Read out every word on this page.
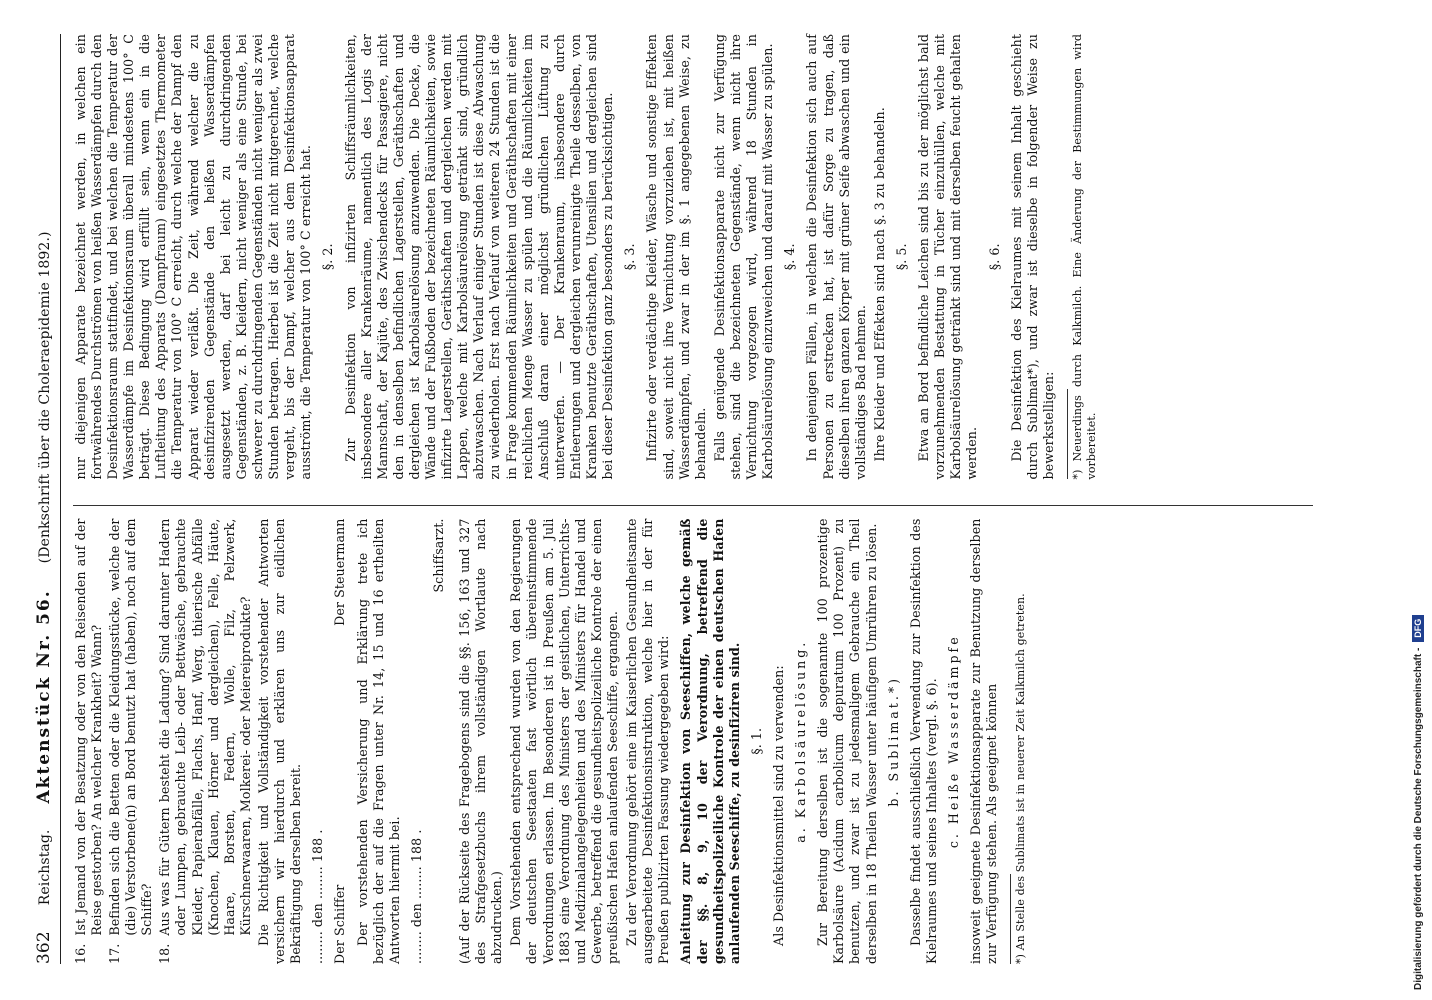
362
Reichstag.
Aktenstück Nr. 56.
(Denkschrift über die Choleraepidemie 1892.)
16.
Ist Jemand von der Besatzung oder von den Reisenden auf der Reise gestorben? An welcher Krankheit? Wann?
17.
Befinden sich die Betten oder die Kleidungsstücke, welche der (die) Verstorbene(n) an Bord benutzt hat (haben), noch auf dem Schiffe?
18.
Aus was für Gütern besteht die Ladung? Sind darunter Hadern oder Lumpen, gebrauchte Leib- oder Bettwäsche, gebrauchte Kleider, Papierabfälle, Flachs, Hanf, Werg, thierische Abfälle (Knochen, Klauen, Hörner und dergleichen), Felle, Häute, Haare, Borsten, Federn, Wolle, Filz, Pelzwerk, Kürschnerwaaren, Molkerei- oder Meiereiprodukte? Die Richtigkeit und Vollständigkeit vorstehender Antworten versichern wir hierdurch und erklären uns zur eidlichen Bekräftigung derselben bereit. ........ den ........ 188 . Der Schiffer
Der Steuermann Der vorstehenden Versicherung und Erklärung trete ich bezüglich der auf die Fragen unter Nr. 14, 15 und 16 ertheilten Antworten hiermit bei. ........ den ........ 188 .
Schiffsarzt. (Auf der Rückseite des Fragebogens sind die §§. 156, 163 und 327 des Strafgesetzbuchs ihrem vollständigen Wortlaute nach abzudrucken.) Dem Vorstehenden entsprechend wurden von den Regierungen der deutschen Seestaaten fast wörtlich übereinstimmende Verordnungen erlassen. Im Besonderen ist in Preußen am 5. Juli 1883 eine Verordnung des Ministers der geistlichen, Unterrichts- und Medizinalangelegenheiten und des Ministers für Handel und Gewerbe, betreffend die gesundheitspolizeiliche Kontrole der einen preußischen Hafen anlaufenden Seeschiffe, ergangen. Zu der Verordnung gehört eine im Kaiserlichen Gesundheitsamte ausgearbeitete Desinfektionsinstruktion, welche hier in der für Preußen publizirten Fassung wiedergegeben wird: Anleitung zur Desinfektion von Seeschiffen, welche gemäß der §§. 8, 9, 10 der Verordnung, betreffend die gesundheitspolizeiliche Kontrole der einen deutschen Hafen anlaufenden Seeschiffe, zu desinfiziren sind. §. 1. Als Desinfektionsmittel sind zu verwenden: a. Karbolsäurelösung. Zur Bereitung derselben ist die sogenannte 100 prozentige Karbolsäure (Acidum carbolicum depuratum 100 Prozent) zu benutzen, und zwar ist zu jedesmaligem Gebrauche ein Theil derselben in 18 Theilen Wasser unter häufigem Umrühren zu lösen. b. Sublimat.*) Dasselbe findet ausschließlich Verwendung zur Desinfektion des Kielraumes und seines Inhaltes (vergl. §. 6). c. Heiße Wasserdämpfe insoweit geeignete Desinfektionsapparate zur Benutzung derselben zur Verfügung stehen. Als geeignet können *) An Stelle des Sublimats ist in neuerer Zeit Kalkmilch getreten.

nur diejenigen Apparate bezeichnet werden, in welchen ein fortwährendes Durchströmen von heißen Wasserdämpfen durch den Desinfektionsraum stattfindet, und bei welchen die Temperatur der Wasserdämpfe im Desinfektionsraum überall mindestens 100° C beträgt. Diese Bedingung wird erfüllt sein, wenn ein in die Luftleitung des Apparats (Dampfraum) eingesetztes Thermometer die Temperatur von 100° C erreicht, durch welche der Dampf den Apparat wieder verläßt. Die Zeit, während welcher die zu desinfizirenden Gegenstände den heißen Wasserdämpfen ausgesetzt werden, darf bei leicht zu durchdringenden Gegenständen, z. B. Kleidern, nicht weniger als eine Stunde, bei schwerer zu durchdringenden Gegenständen nicht weniger als zwei Stunden betragen. Hierbei ist die Zeit nicht mitgerechnet, welche vergeht, bis der Dampf, welcher aus dem Desinfektionsapparat ausströmt, die Temperatur von 100° C erreicht hat. §. 2. Zur Desinfektion von infizirten Schiffsräumlichkeiten, insbesondere aller Krankenräume, namentlich des Logis der Mannschaft, der Kajüte, des Zwischendecks für Passagiere, nicht den in denselben befindlichen Lagerstellen, Geräthschaften und dergleichen ist Karbolsäurelösung anzuwenden. Die Decke, die Wände und der Fußboden der bezeichneten Räumlichkeiten, sowie infizirte Lagerstellen, Geräthschaften und dergleichen werden mit Lappen, welche mit Karbolsäurelösung getränkt sind, gründlich abzuwaschen. Nach Verlauf einiger Stunden ist diese Abwaschung zu wiederholen. Erst nach Verlauf von weiteren 24 Stunden ist die in Frage kommenden Räumlichkeiten und Geräthschaften mit einer reichlichen Menge Wasser zu spülen und die Räumlichkeiten im Anschluß daran einer möglichst gründlichen Lüftung zu unterwerfen. — Der Krankenraum, insbesondere durch Entleerungen und dergleichen verunreinigte Theile desselben, von Kranken benutzte Geräthschaften, Utensilien und dergleichen sind bei dieser Desinfektion ganz besonders zu berücksichtigen. §. 3. Infizirte oder verdächtige Kleider, Wäsche und sonstige Effekten sind, soweit nicht ihre Vernichtung vorzuziehen ist, mit heißen Wasserdämpfen, und zwar in der im §. 1 angegebenen Weise, zu behandeln. Falls genügende Desinfektionsapparate nicht zur Verfügung stehen, sind die bezeichneten Gegenstände, wenn nicht ihre Vernichtung vorgezogen wird, während 18 Stunden in Karbolsäurelösung einzuweichen und darauf mit Wasser zu spülen. §. 4. In denjenigen Fällen, in welchen die Desinfektion sich auch auf Personen zu erstrecken hat, ist dafür Sorge zu tragen, daß dieselben ihren ganzen Körper mit grüner Seife abwaschen und ein vollständiges Bad nehmen. Ihre Kleider und Effekten sind nach §. 3 zu behandeln. §. 5. Etwa an Bord befindliche Leichen sind bis zu der möglichst bald vorzunehmenden Bestattung in Tücher einzuhüllen, welche mit Karbolsäurelösung getränkt sind und mit derselben feucht gehalten werden.

§. 6. Die Desinfektion des Kielraumes mit seinem Inhalt geschieht durch Sublimat*), und zwar ist dieselbe in folgender Weise zu bewerkstelligen: *) Neuerdings durch Kalkmilch. Eine Änderung der Bestimmungen wird vorbereitet.

Digitalisierung gefördert durch die Deutsche Forschungsgemeinschaft -
DFG
